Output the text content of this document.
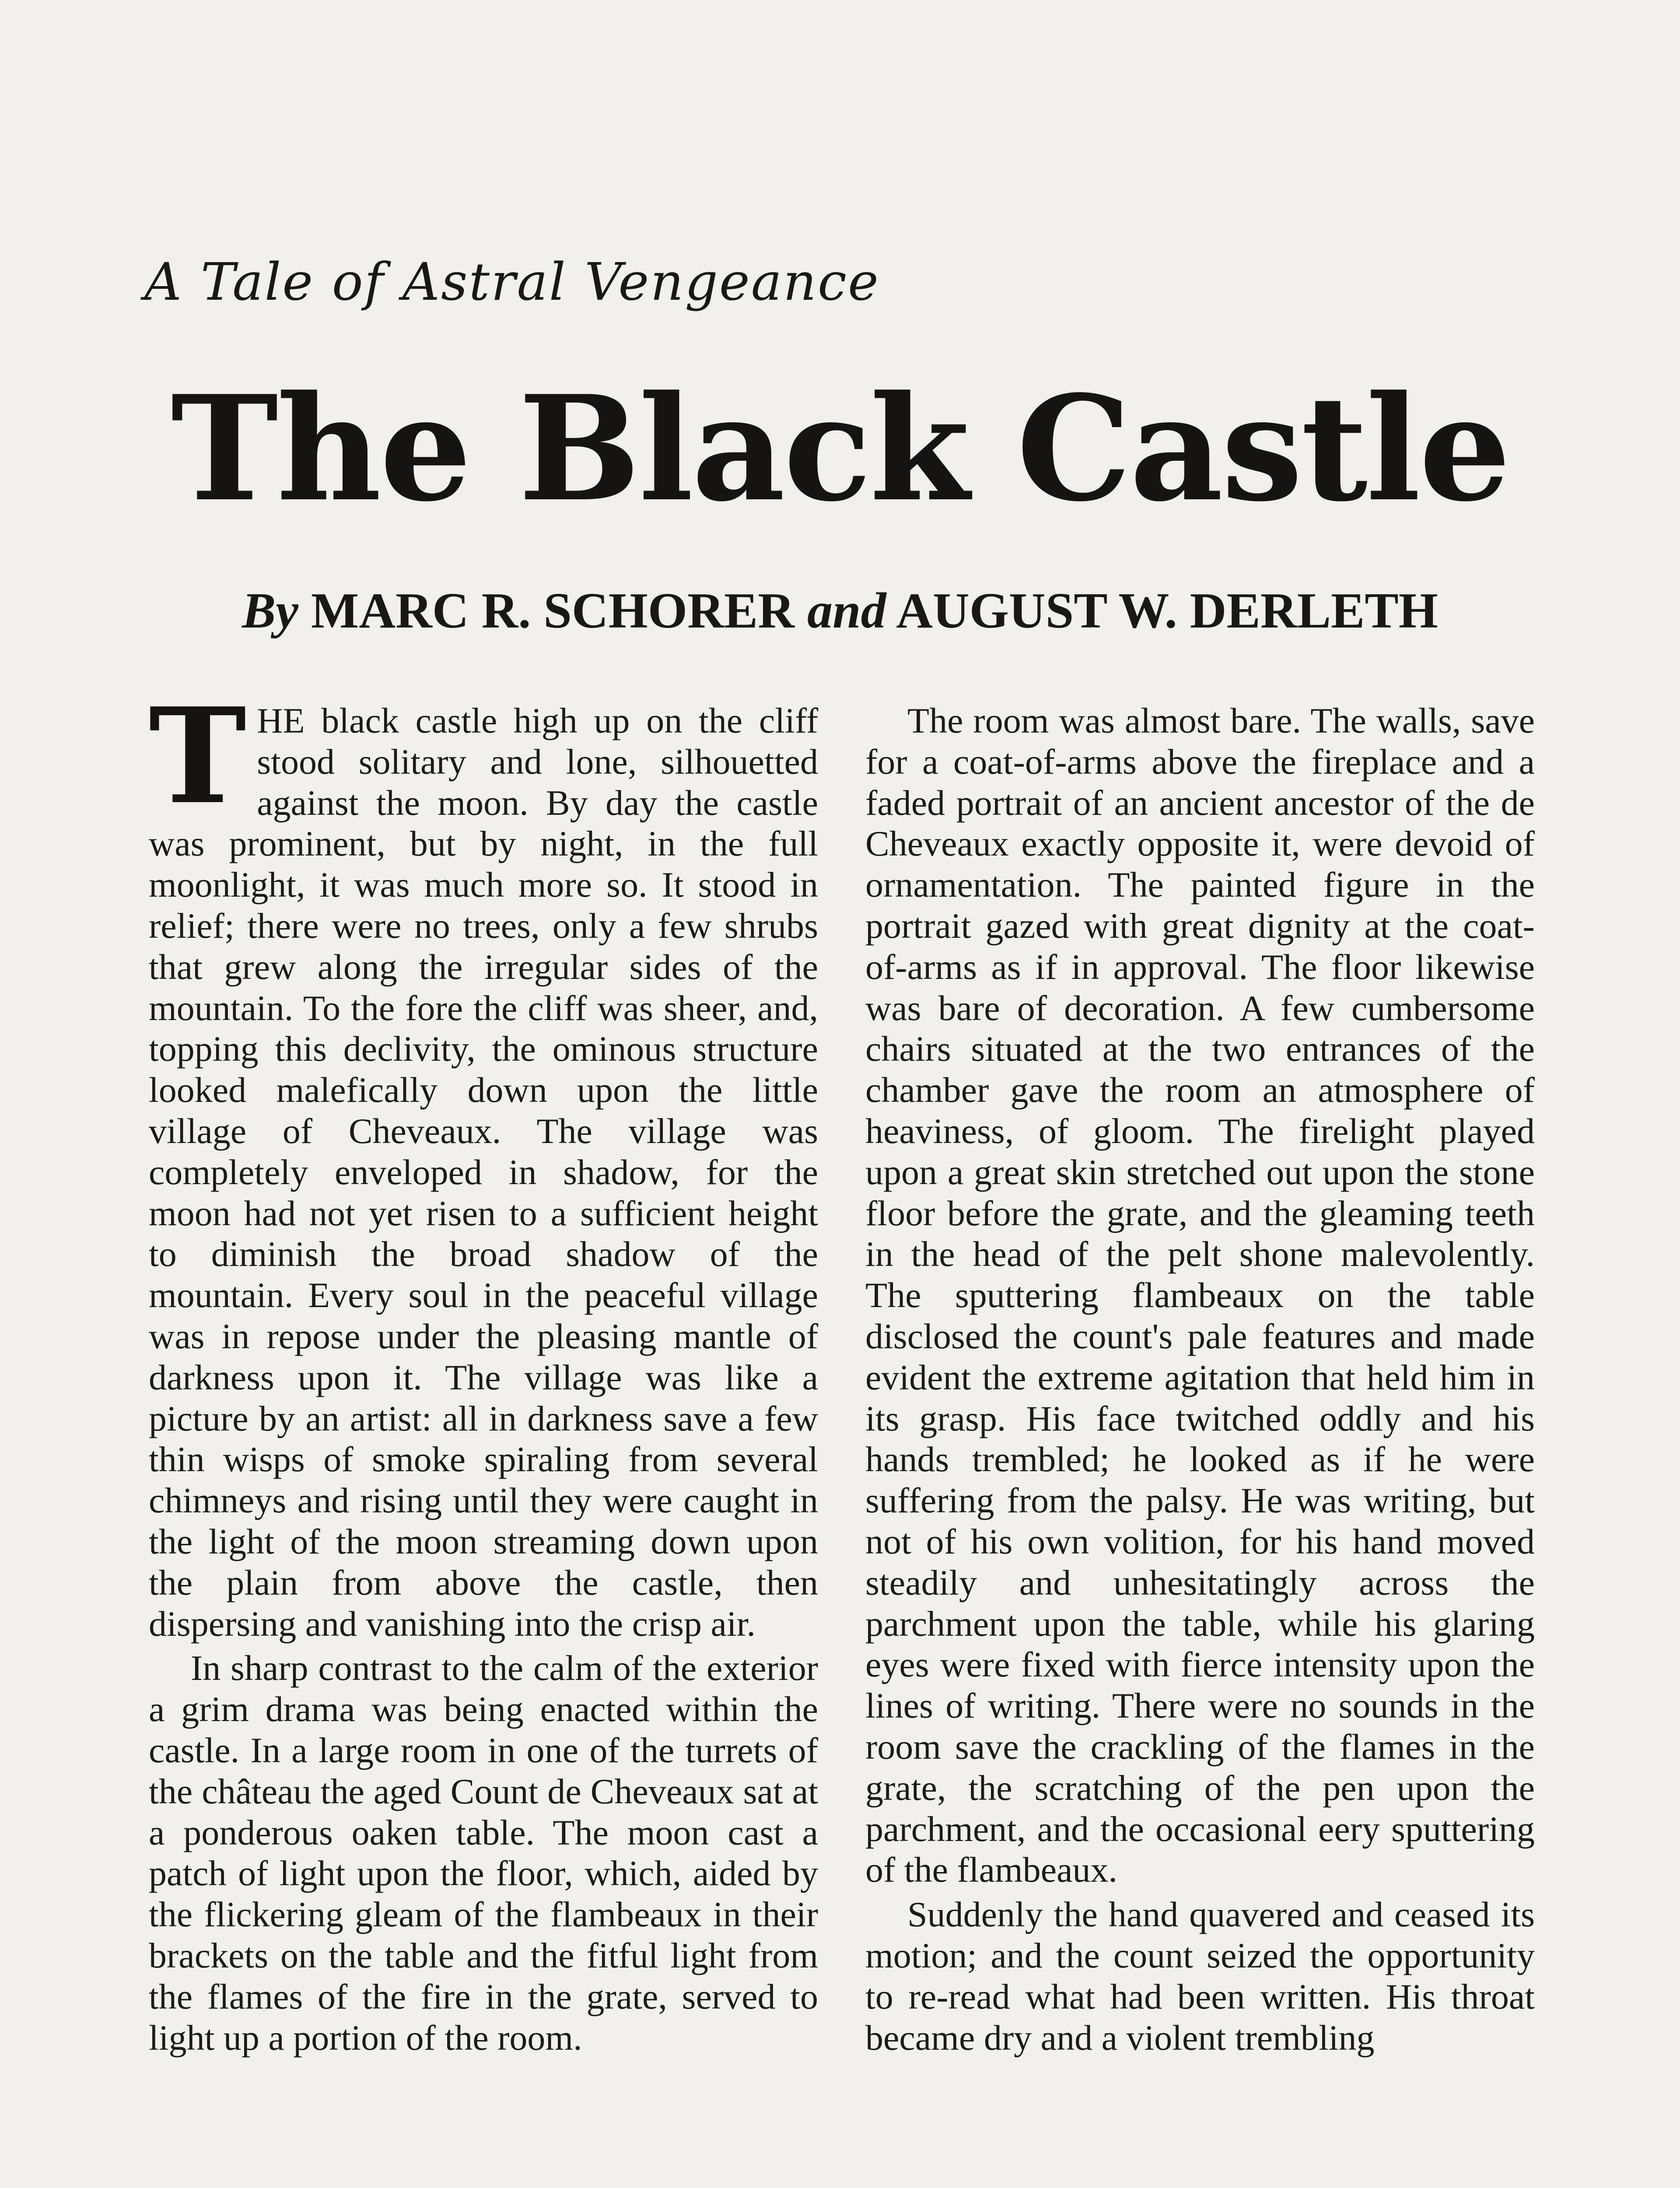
A Tale of Astral Vengeance
The Black Castle
By MARC R. SCHORER and AUGUST W. DERLETH

THE black castle high up on the cliff stood solitary and lone, silhouetted against the moon. By day the castle was prominent, but by night, in the full moonlight, it was much more so. It stood in relief; there were no trees, only a few shrubs that grew along the irregular sides of the mountain. To the fore the cliff was sheer, and, topping this declivity, the ominous structure looked malefically down upon the little village of Cheveaux. The village was completely enveloped in shadow, for the moon had not yet risen to a sufficient height to diminish the broad shadow of the mountain. Every soul in the peaceful village was in repose under the pleasing mantle of darkness upon it. The village was like a picture by an artist: all in darkness save a few thin wisps of smoke spiraling from several chimneys and rising until they were caught in the light of the moon streaming down upon the plain from above the castle, then dispersing and vanishing into the crisp air.

In sharp contrast to the calm of the exterior a grim drama was being enacted within the castle. In a large room in one of the turrets of the château the aged Count de Cheveaux sat at a ponderous oaken table. The moon cast a patch of light upon the floor, which, aided by the flickering gleam of the flambeaux in their brackets on the table and the fitful light from the flames of the fire in the grate, served to light up a portion of the room.

The room was almost bare. The walls, save for a coat-of-arms above the fireplace and a faded portrait of an ancient ancestor of the de Cheveaux exactly opposite it, were devoid of ornamentation. The painted figure in the portrait gazed with great dignity at the coat-of-arms as if in approval. The floor likewise was bare of decoration. A few cumbersome chairs situated at the two entrances of the chamber gave the room an atmosphere of heaviness, of gloom. The firelight played upon a great skin stretched out upon the stone floor before the grate, and the gleaming teeth in the head of the pelt shone malevolently. The sputtering flambeaux on the table disclosed the count's pale features and made evident the extreme agitation that held him in its grasp. His face twitched oddly and his hands trembled; he looked as if he were suffering from the palsy. He was writing, but not of his own volition, for his hand moved steadily and unhesitatingly across the parchment upon the table, while his glaring eyes were fixed with fierce intensity upon the lines of writing. There were no sounds in the room save the crackling of the flames in the grate, the scratching of the pen upon the parchment, and the occasional eery sputtering of the flambeaux.

Suddenly the hand quavered and ceased its motion; and the count seized the opportunity to re-read what had been written. His throat became dry and a violent trembling
